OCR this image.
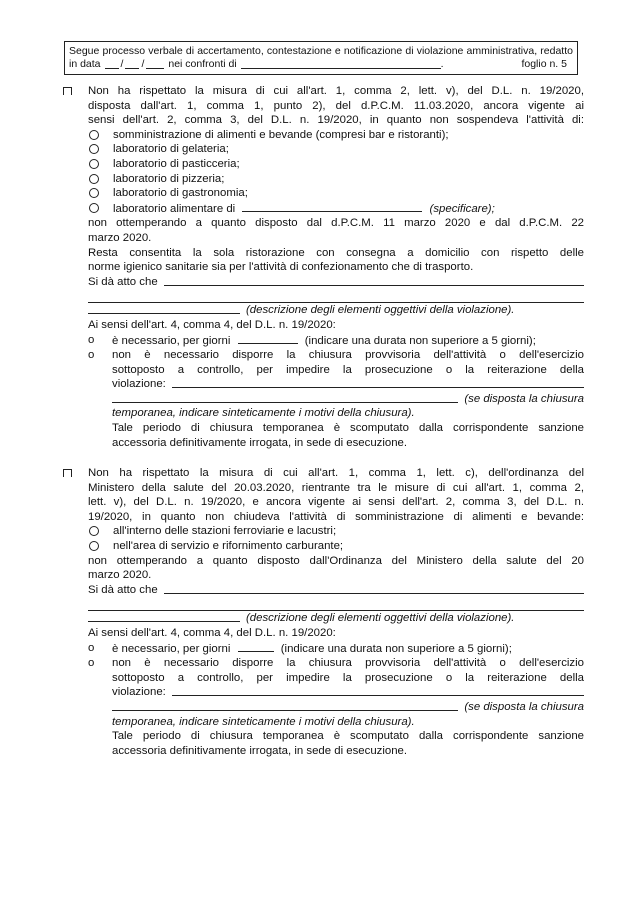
Segue processo verbale di accertamento, contestazione e notificazione di violazione amministrativa, redatto
in data / / nei confronti di	.	foglio n. 5
Non ha rispettato la misura di cui all'art. 1, comma 2, lett. v), del D.L. n. 19/2020,
disposta dall'art. 1, comma 1, punto 2), del d.P.C.M. 11.03.2020, ancora vigente ai
sensi dell'art. 2, comma 3, del D.L. n. 19/2020, in quanto non sospendeva l'attività di:
somministrazione di alimenti e bevande (compresi bar e ristoranti);
laboratorio di gelateria;
laboratorio di pasticceria;
laboratorio di pizzeria;
laboratorio di gastronomia;
laboratorio alimentare di	(specificare);
non ottemperando a quanto disposto dal d.P.C.M. 11 marzo 2020 e dal d.P.C.M. 22
marzo 2020.
Resta consentita la sola ristorazione con consegna a domicilio con rispetto delle
norme igienico sanitarie sia per l'attività di confezionamento che di trasporto.
Si dà atto che
(descrizione degli elementi oggettivi della violazione).
Ai sensi dell'art. 4, comma 4, del D.L. n. 19/2020:
o è necessario, per giorni	(indicare una durata non superiore a 5 giorni);
o non è necessario disporre la chiusura provvisoria dell'attività o dell'esercizio
sottoposto a controllo, per impedire la prosecuzione o la reiterazione della
violazione:
(se disposta la chiusura
temporanea, indicare sinteticamente i motivi della chiusura).
Tale periodo di chiusura temporanea è scomputato dalla corrispondente sanzione
accessoria definitivamente irrogata, in sede di esecuzione.
Non ha rispettato la misura di cui all'art. 1, comma 1, lett. c), dell'ordinanza del
Ministero della salute del 20.03.2020, rientrante tra le misure di cui all'art. 1, comma 2,
lett. v), del D.L. n. 19/2020, e ancora vigente ai sensi dell'art. 2, comma 3, del D.L. n.
19/2020, in quanto non chiudeva l'attività di somministrazione di alimenti e bevande:
all'interno delle stazioni ferroviarie e lacustri;
nell'area di servizio e rifornimento carburante;
non ottemperando a quanto disposto dall'Ordinanza del Ministero della salute del 20
marzo 2020.
Si dà atto che
(descrizione degli elementi oggettivi della violazione).
Ai sensi dell'art. 4, comma 4, del D.L. n. 19/2020:
o è necessario, per giorni	(indicare una durata non superiore a 5 giorni);
o non è necessario disporre la chiusura provvisoria dell'attività o dell'esercizio
sottoposto a controllo, per impedire la prosecuzione o la reiterazione della
violazione:
(se disposta la chiusura
temporanea, indicare sinteticamente i motivi della chiusura).
Tale periodo di chiusura temporanea è scomputato dalla corrispondente sanzione
accessoria definitivamente irrogata, in sede di esecuzione.
